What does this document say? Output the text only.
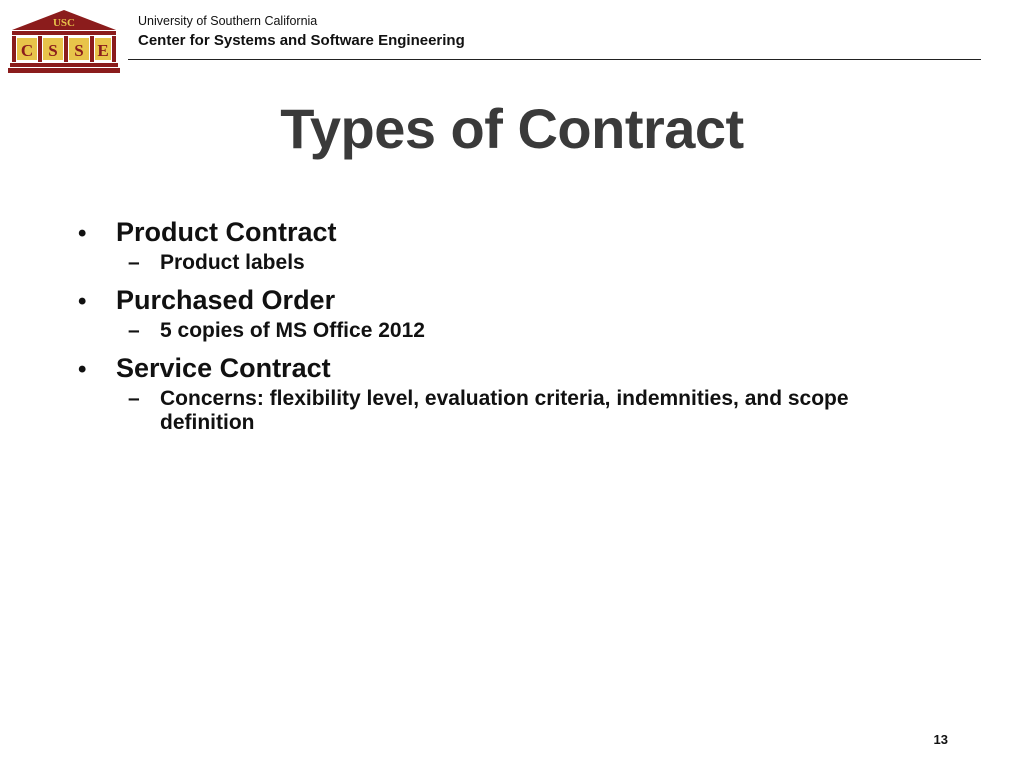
USC
C S S E
University of Southern California
Center for Systems and Software Engineering
Types of Contract
•	Product Contract
– Product labels
•	Purchased Order
– 5 copies of MS Office 2012
•	Service Contract
– Concerns: flexibility level, evaluation criteria, indemnities, and scope definition
13
